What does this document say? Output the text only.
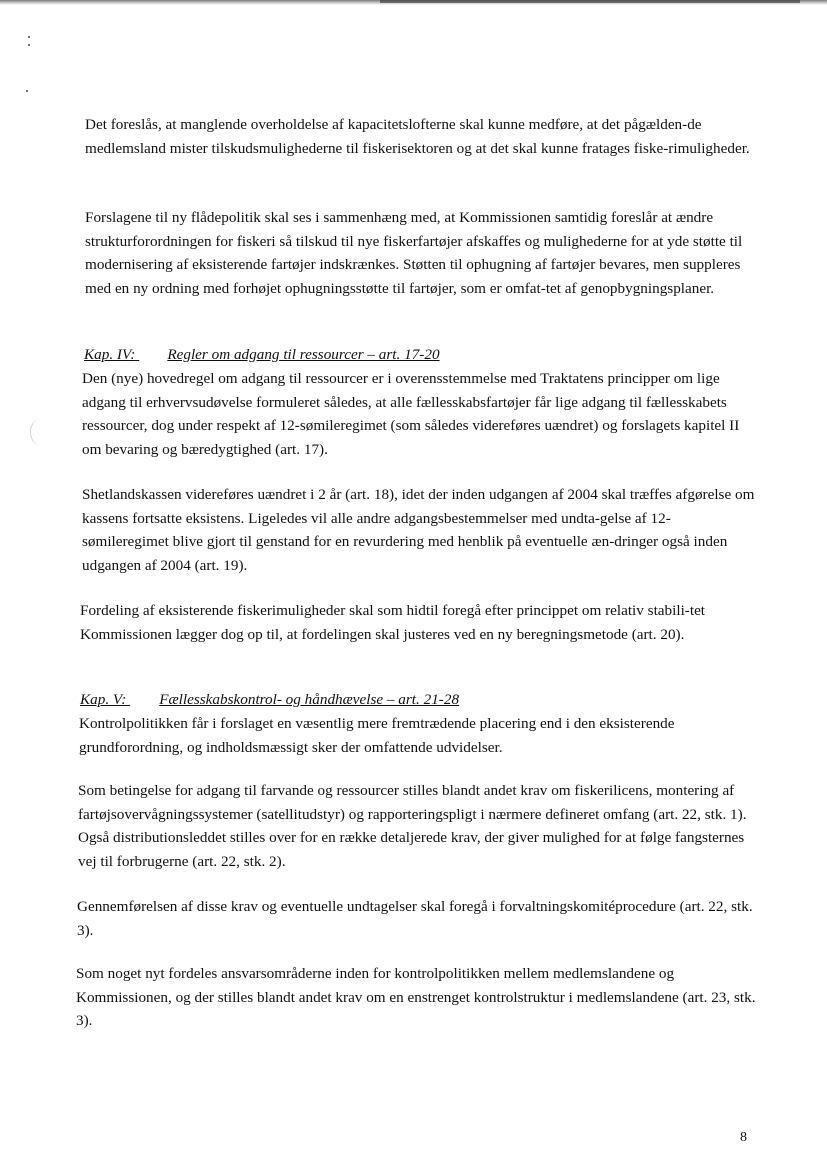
Det foreslås, at manglende overholdelse af kapacitetslofterne skal kunne medføre, at det pågælden-de medlemsland mister tilskudsmulighederne til fiskerisektoren og at det skal kunne fratages fiske-rimuligheder.

Forslagene til ny flådepolitik skal ses i sammenhæng med, at Kommissionen samtidig foreslår at ændre strukturforordningen for fiskeri så tilskud til nye fiskerfartøjer afskaffes og mulighederne for at yde støtte til modernisering af eksisterende fartøjer indskrænkes. Støtten til ophugning af fartøjer bevares, men suppleres med en ny ordning med forhøjet ophugningsstøtte til fartøjer, som er omfat-tet af genopbygningsplaner.

Kap. IV:
Regler om adgang til ressourcer – art. 17-20

Den (nye) hovedregel om adgang til ressourcer er i overensstemmelse med Traktatens principper om lige adgang til erhvervsudøvelse formuleret således, at alle fællesskabsfartøjer får lige adgang til fællesskabets ressourcer, dog under respekt af 12-sømileregimet (som således videreføres uændret) og forslagets kapitel II om bevaring og bæredygtighed (art. 17).

Shetlandskassen videreføres uændret i 2 år (art. 18), idet der inden udgangen af 2004 skal træffes afgørelse om kassens fortsatte eksistens. Ligeledes vil alle andre adgangsbestemmelser med undta-gelse af 12-sømileregimet blive gjort til genstand for en revurdering med henblik på eventuelle æn-dringer også inden udgangen af 2004 (art. 19).

Fordeling af eksisterende fiskerimuligheder skal som hidtil foregå efter princippet om relativ stabili-tet Kommissionen lægger dog op til, at fordelingen skal justeres ved en ny beregningsmetode (art. 20).

Kap. V:
Fællesskabskontrol- og håndhævelse – art. 21-28

Kontrolpolitikken får i forslaget en væsentlig mere fremtrædende placering end i den eksisterende grundforordning, og indholdsmæssigt sker der omfattende udvidelser.

Som betingelse for adgang til farvande og ressourcer stilles blandt andet krav om fiskerilicens, montering af fartøjsovervågningssystemer (satellitudstyr) og rapporteringspligt i nærmere defineret omfang (art. 22, stk. 1). Også distributionsleddet stilles over for en række detaljerede krav, der giver mulighed for at følge fangsternes vej til forbrugerne (art. 22, stk. 2).

Gennemførelsen af disse krav og eventuelle undtagelser skal foregå i forvaltningskomitéprocedure (art. 22, stk. 3).

Som noget nyt fordeles ansvarsområderne inden for kontrolpolitikken mellem medlemslandene og Kommissionen, og der stilles blandt andet krav om en enstrenget kontrolstruktur i medlemslandene (art. 23, stk. 3).

8
